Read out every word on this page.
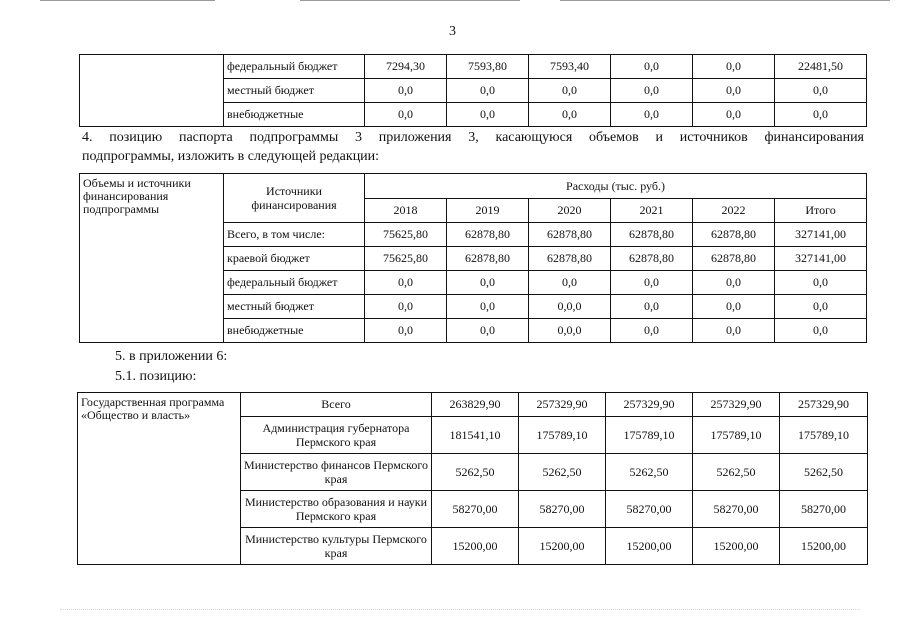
3
	федеральный бюджет	7294,30	7593,80	7593,40	0,0	0,0	22481,50
	местный бюджет	0,0	0,0	0,0	0,0	0,0	0,0
	внебюджетные	0,0	0,0	0,0	0,0	0,0	0,0
4. позицию паспорта подпрограммы 3 приложения 3, касающуюся объемов и источников финансирования
подпрограммы, изложить в следующей редакции:
Объемы и источники финансирования подпрограммы	Источники финансирования	Расходы (тыс. руб.)					
		2018	2019	2020	2021	2022	Итого
	Всего, в том числе:	75625,80	62878,80	62878,80	62878,80	62878,80	327141,00
	краевой бюджет	75625,80	62878,80	62878,80	62878,80	62878,80	327141,00
	федеральный бюджет	0,0	0,0	0,0	0,0	0,0	0,0
	местный бюджет	0,0	0,0	0,0,0	0,0	0,0	0,0
	внебюджетные	0,0	0,0	0,0,0	0,0	0,0	0,0
5. в приложении 6:
5.1. позицию:
Государственная программа «Общество и власть»	Всего	263829,90	257329,90	257329,90	257329,90	257329,90
	Администрация губернатора Пермского края	181541,10	175789,10	175789,10	175789,10	175789,10
	Министерство финансов Пермского края	5262,50	5262,50	5262,50	5262,50	5262,50
	Министерство образования и науки Пермского края	58270,00	58270,00	58270,00	58270,00	58270,00
	Министерство культуры Пермского края	15200,00	15200,00	15200,00	15200,00	15200,00
